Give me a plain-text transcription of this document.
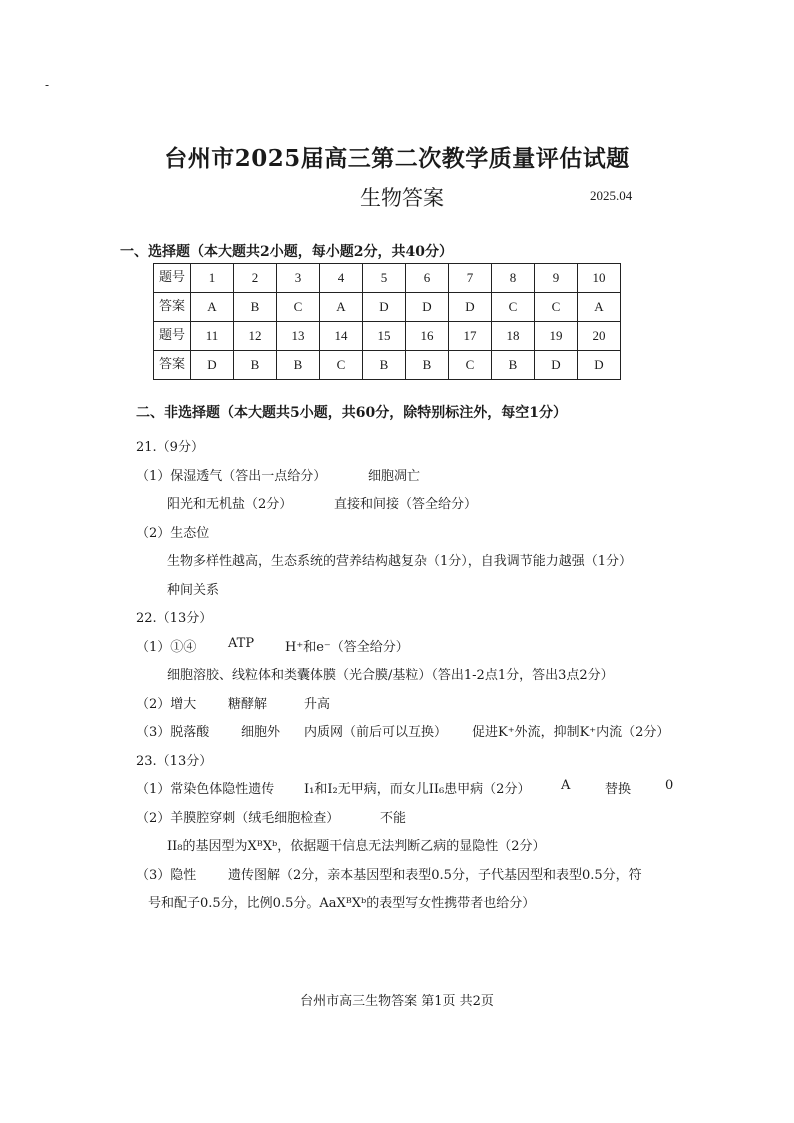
-
台州市2025届高三第二次教学质量评估试题
生物答案	2025.04
一、选择题（本大题共2小题，每小题2分，共40分）
题号	1	2	3	4	5	6	7	8	9	10
答案	A	B	C	A	D	D	D	C	C	A
题号	11	12	13	14	15	16	17	18	19	20
答案	D	B	B	C	B	B	C	B	D	D
二、非选择题（本大题共5小题，共60分，除特别标注外，每空1分）
21.（9分）
（1）保湿透气（答出一点给分）	细胞凋亡
阳光和无机盐（2分）	直接和间接（答全给分）
（2）生态位
生物多样性越高，生态系统的营养结构越复杂（1分），自我调节能力越强（1分）
种间关系
22.（13分）
（1）①④ ATP H⁺和e⁻（答全给分）
细胞溶胶、线粒体和类囊体膜（光合膜/基粒）（答出1-2点1分，答出3点2分）
（2）增大 糖酵解	升高
（3）脱落酸 细胞外 内质网（前后可以互换） 促进K⁺外流，抑制K⁺内流（2分）
23.（13分）
（1）常染色体隐性遗传 I₁和I₂无甲病，而女儿II₆患甲病（2分） A	替换	0
（2）羊膜腔穿刺（绒毛细胞检查）	不能
II₈的基因型为XᴮXᵇ，依据题干信息无法判断乙病的显隐性（2分）
（3）隐性 遗传图解（2分，亲本基因型和表型0.5分，子代基因型和表型0.5分，符
号和配子0.5分，比例0.5分。AaXᴮXᵇ的表型写女性携带者也给分）
台州市高三生物答案 第1页 共2页
